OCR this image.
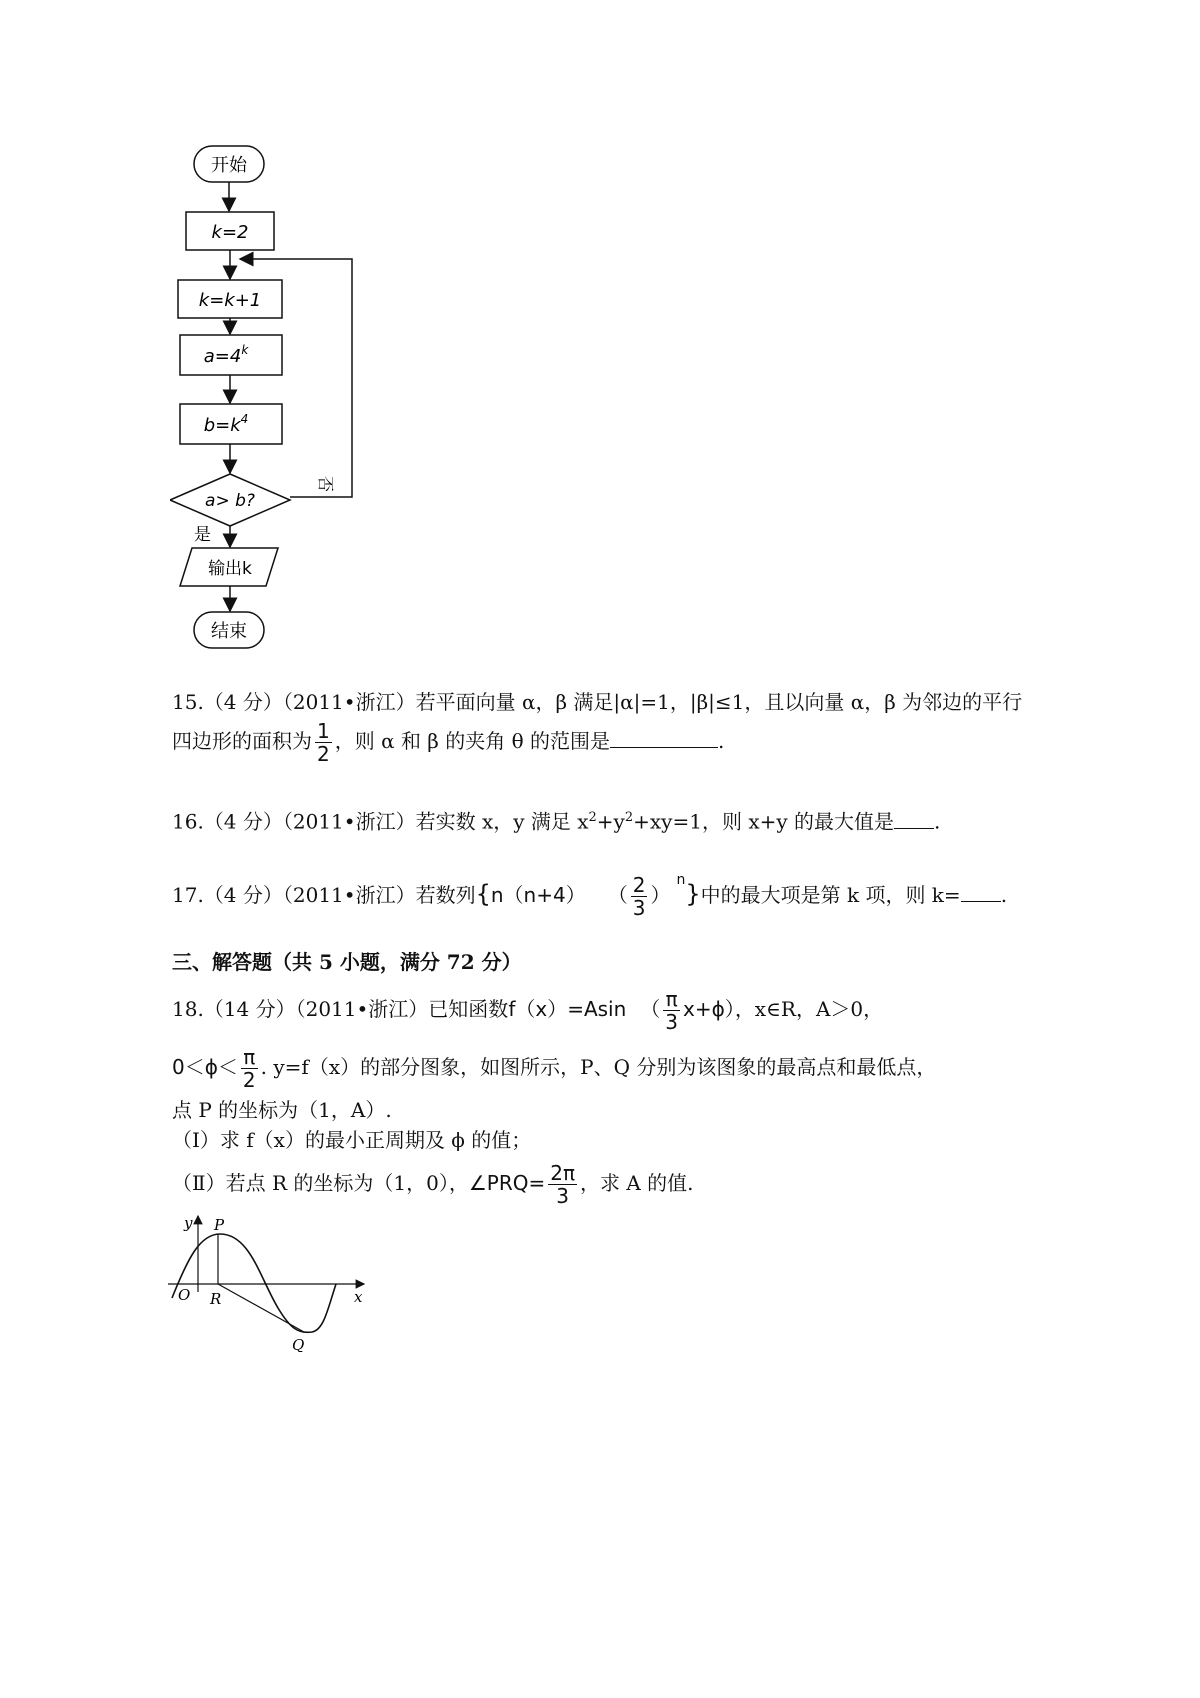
开始
k=2
k=k+1
$a=4^k$
$b=k^4$
a> b?
否
是
输出k
结束
15.（4 分）（2011•浙江）若平面向量 α，β 满足|α|=1，|β|≤1，且以向量 α，β 为邻边的平行
四边形的面积为 $\frac{1}{2}$ ，则 α 和 β 的夹角 θ 的范围是	.
16.（4 分）（2011•浙江）若实数 x，y 满足 $x^2+y^2+xy=1$，则 x+y 的最大值是 .
17.（4 分）（2011•浙江）若数列{n（n+4） （ $\frac{2}{3} )^n$}中的最大项是第 k 项，则 k= .
三、解答题（共 5 小题，满分 72 分）
18.（14 分）（2011•浙江）已知函数f（x）=Asin （ $\frac{\pi}{3} x+\phi$），x∈R，A＞0，
$0<\phi< \frac{\pi}{2}$ . y=f（x）的部分图象，如图所示，P、Q 分别为该图象的最高点和最低点，
点 P 的坐标为（1，A）.
（Ⅰ）求 f（x）的最小正周期及 ϕ 的值；
（Ⅱ）若点 R 的坐标为（1，0），∠PRQ= $\frac{2\pi}{3}$ ，求 A 的值.
y
x
O
P
R
Q
